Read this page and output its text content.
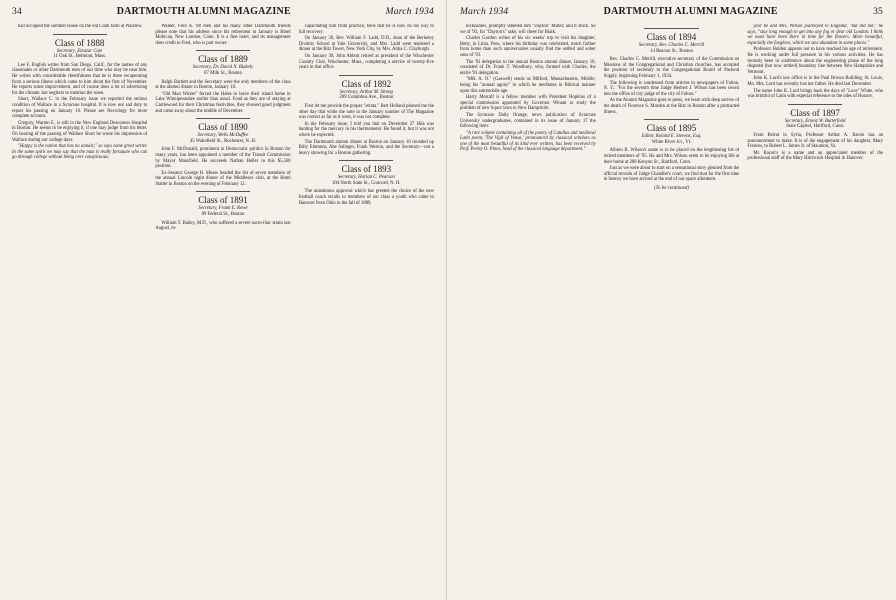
34	DARTMOUTH ALUMNI MAGAZINE	March 1934

had occupied the summer house on the old Clark farm at Plaistow.

Class of 1888
Secretary, Eleazar Cate
11 Oak St., Belmont, Mass.

Lee F. English writes from San Diego, Calif., for the names of any classmates or other Dartmouth men of our time who may be near him. He writes with considerable cheerfulness that he is there recuperating from a serious illness which came to him about the first of November. He reports some improvement, and of course does a lot of advertising for the climate, but neglects to mention the roses.

Short, Wallace C. in the February issue we reported the serious condition of Wallace in a Syracuse hospital. It is now our sad duty to report his passing on January 10. Please see Necrology for more complete account.

Gregory, Warren F., is still in the New England Deaconess Hospital in Boston. He seems to be enjoying it, if one may judge from his letter. On hearing of the passing of Wallace Short he wrote his impression of Wallace during our college days.

"Happy is the nation that has no annals;" so says some great writer. In the same spirit we may say that the man is really fortunate who can go through college without being over conspicuous.

Walker, Fred A. '88 men and his many other Dartmouth friends please note that his address since his retirement in January is Hotel Mohican, New London, Conn. It is a fine hotel, and its management does credit to Fred, who is part owner.

Class of 1889
Secretary, Dr. David N. Blakely
87 Milk St., Boston

Ralph Bartlett and the Secretary were the only members of the class at the alumni dinner in Boston, January 10.

"Old Man Winter" forced the Hales to leave their island home in Lake Winnipesaukee earlier than usual. Fond as they are of staying at Castlewood for their Christmas festivities, they showed good judgment and came away about the middle of December.

Class of 1890
Secretary, Wells McDuffee
45 Wakefield St., Rochester, N. H.

John F. McDonald, prominent in Democratic politics in Boston for many years, has been appointed a member of the Transit Commission by Mayor Mansfield. He succeeds Nathan Heller in this $5,500 position.

Ex-Senator George H. Moses headed the list of seven members of the annual Lincoln night dinner of the Middlesex club, at the Hotel Statler in Boston on the evening of February 12.

Class of 1891
Secretary, Frank E. Rowe
89 Federal St., Boston

William T. Bailey, M.D., who suffered a severe sacro-iliac strain last August, in-

capacitating him from practice, feels that he is now on his way to full recovery.

On January 30, Rev. William F. Ladd, D.D., dean of the Berkeley Divinity School at Yale University, and Mrs. Ladd were tendered a dinner at the Ritz Tower, New York City, by Mrs. Alma C. Clayburgh.

On January 30, John Abbott retired as president of the Winchester Country Club, Winchester, Mass., completing a service of twenty-five years in that office.

Class of 1892
Secretary, Arthur M. Strong
289 Columbus Ave., Boston

First let me provide the proper "errata." Bert Holland phoned me the other day that while the note in the January number of The Magazine was correct as far as it went, it was not complete.

In the February issue, I told you that on December 27 Hila was hunting for the mercury in his thermometer. He found it, but it was not where he expected.

The Dartmouth alumni dinner at Boston on January 10 rounded up Billy Emmons, Abe Salinger, Frank Weston, and the Secretary—not a heavy showing for a Boston gathering.

Class of 1893
Secretary, Harlan C. Pearson
104 North State St., Concord, N. H.

The unanimous approval which has greeted the choice of the new football coach recalls to members of our class a youth who came to Hanover from Ohio in the fall of 1889.

March 1934	DARTMOUTH ALUMNI MAGAZINE	35

nicknames, promptly labelled him "Dayton" Miller; and it stuck. So we of '93, for "Dayton's" sake, will cheer for Blaik.

Charles Gordon writes of his six weeks' trip to visit his daughter, Betty, in Lima, Peru, where his birthday was celebrated, much farther from home than such anniversaries usually find the settled and sober sons of '93.

The '93 delegation to the annual Boston alumni dinner, January 10, consisted of Dr. Frank T. Woodbury, who, formed with Charles, the entire '93 delegation.

"MR. A. O." (Gaswell) sends us Milford, Massachusetts, Mobile, being his "annual agony" in which he meditates in Biblical manner upon this automobile age.

Harry Metcalf is a fellow member with President Hopkins of a special commission appointed by Governor Winant to study the problem of new liquor laws in New Hampshire.

The Syracuse Daily Orange, news publication of Syracuse University undergraduates, contained in its issue of January 17 the following item:

"A rare volume containing all of the poetry of Catullus and medieval Latin poem, 'The Vigil of Venus,' pronounced by classical scholars as one of the most beautiful of its kind ever written, has been received by Prof. Perley O. Place, head of the classical language department."

Class of 1894
Secretary, Rev. Charles C. Merrill
14 Beacon St., Boston

Rev. Charles C. Merrill, executive secretary of the Commission on Missions of the Congregational and Christian churches, has accepted the position of secretary to the Congregational Board of Pastoral Supply, beginning February 1, 1934.

The following is condensed from articles in newspapers of Fulton, N. Y.: "For the seventh time Judge Herbert J. Wilson has been sworn into the office of city judge of the city of Fulton."

As the Alumni Magazine goes to press, we learn with deep sorrow of the death of Florence S. Marden at the Ritz in Boston after a protracted illness.

Class of 1895
Editor, Roland E. Stevens, Esq.
White River Jct., Vt.

Albion B. Wilson's name is to be placed on the lengthening list of retired members of '95. He and Mrs. Wilson seem to be enjoying life at their home at 208 Kenyon St., Hartford, Conn.

Just as we were about to start on a sensational story gleaned from the official records of Judge Chandler's court, we find that for the first time in history we have arrived at the end of our space allotment.

(To be continued)

year he and Mrs. Wilson journeyed to England, "but did not," he says, "stay long enough to get into any fog or dear old London. I think we must have been there in time for the flowers. More beautiful, especially the foxglove, which we saw abundant in some places."

Professor Holden appears not to have reached his age of retirement. He is working under full pressure in his various activities. He has recently been in conference about the engineering phase of the long disputed (but now settled) boundary line between New Hampshire and Vermont.

John K. Lord's law office is in the Paul Brown Building, St. Louis, Mo. Mrs. Lord has recently lost her father. He died last December.

The name John K. Lord brings back the days of "Luce" White, who was brimful of Latin with especial reference to the odes of Horace.

Class of 1897
Secretary, Ernest W. Butterfield
State Capitol, Hartford, Conn.

From Beirut in Syria, Professor Arthur A. Bacon has an announcement to make. It is of the engagement of his daughter, Mary Frances, to Robert L. James Jr. of Staunton, Va.

Mr. Bacon's is a name and an appreciated member of the professional staff of the Mary Hitchcock Hospital in Hanover.
